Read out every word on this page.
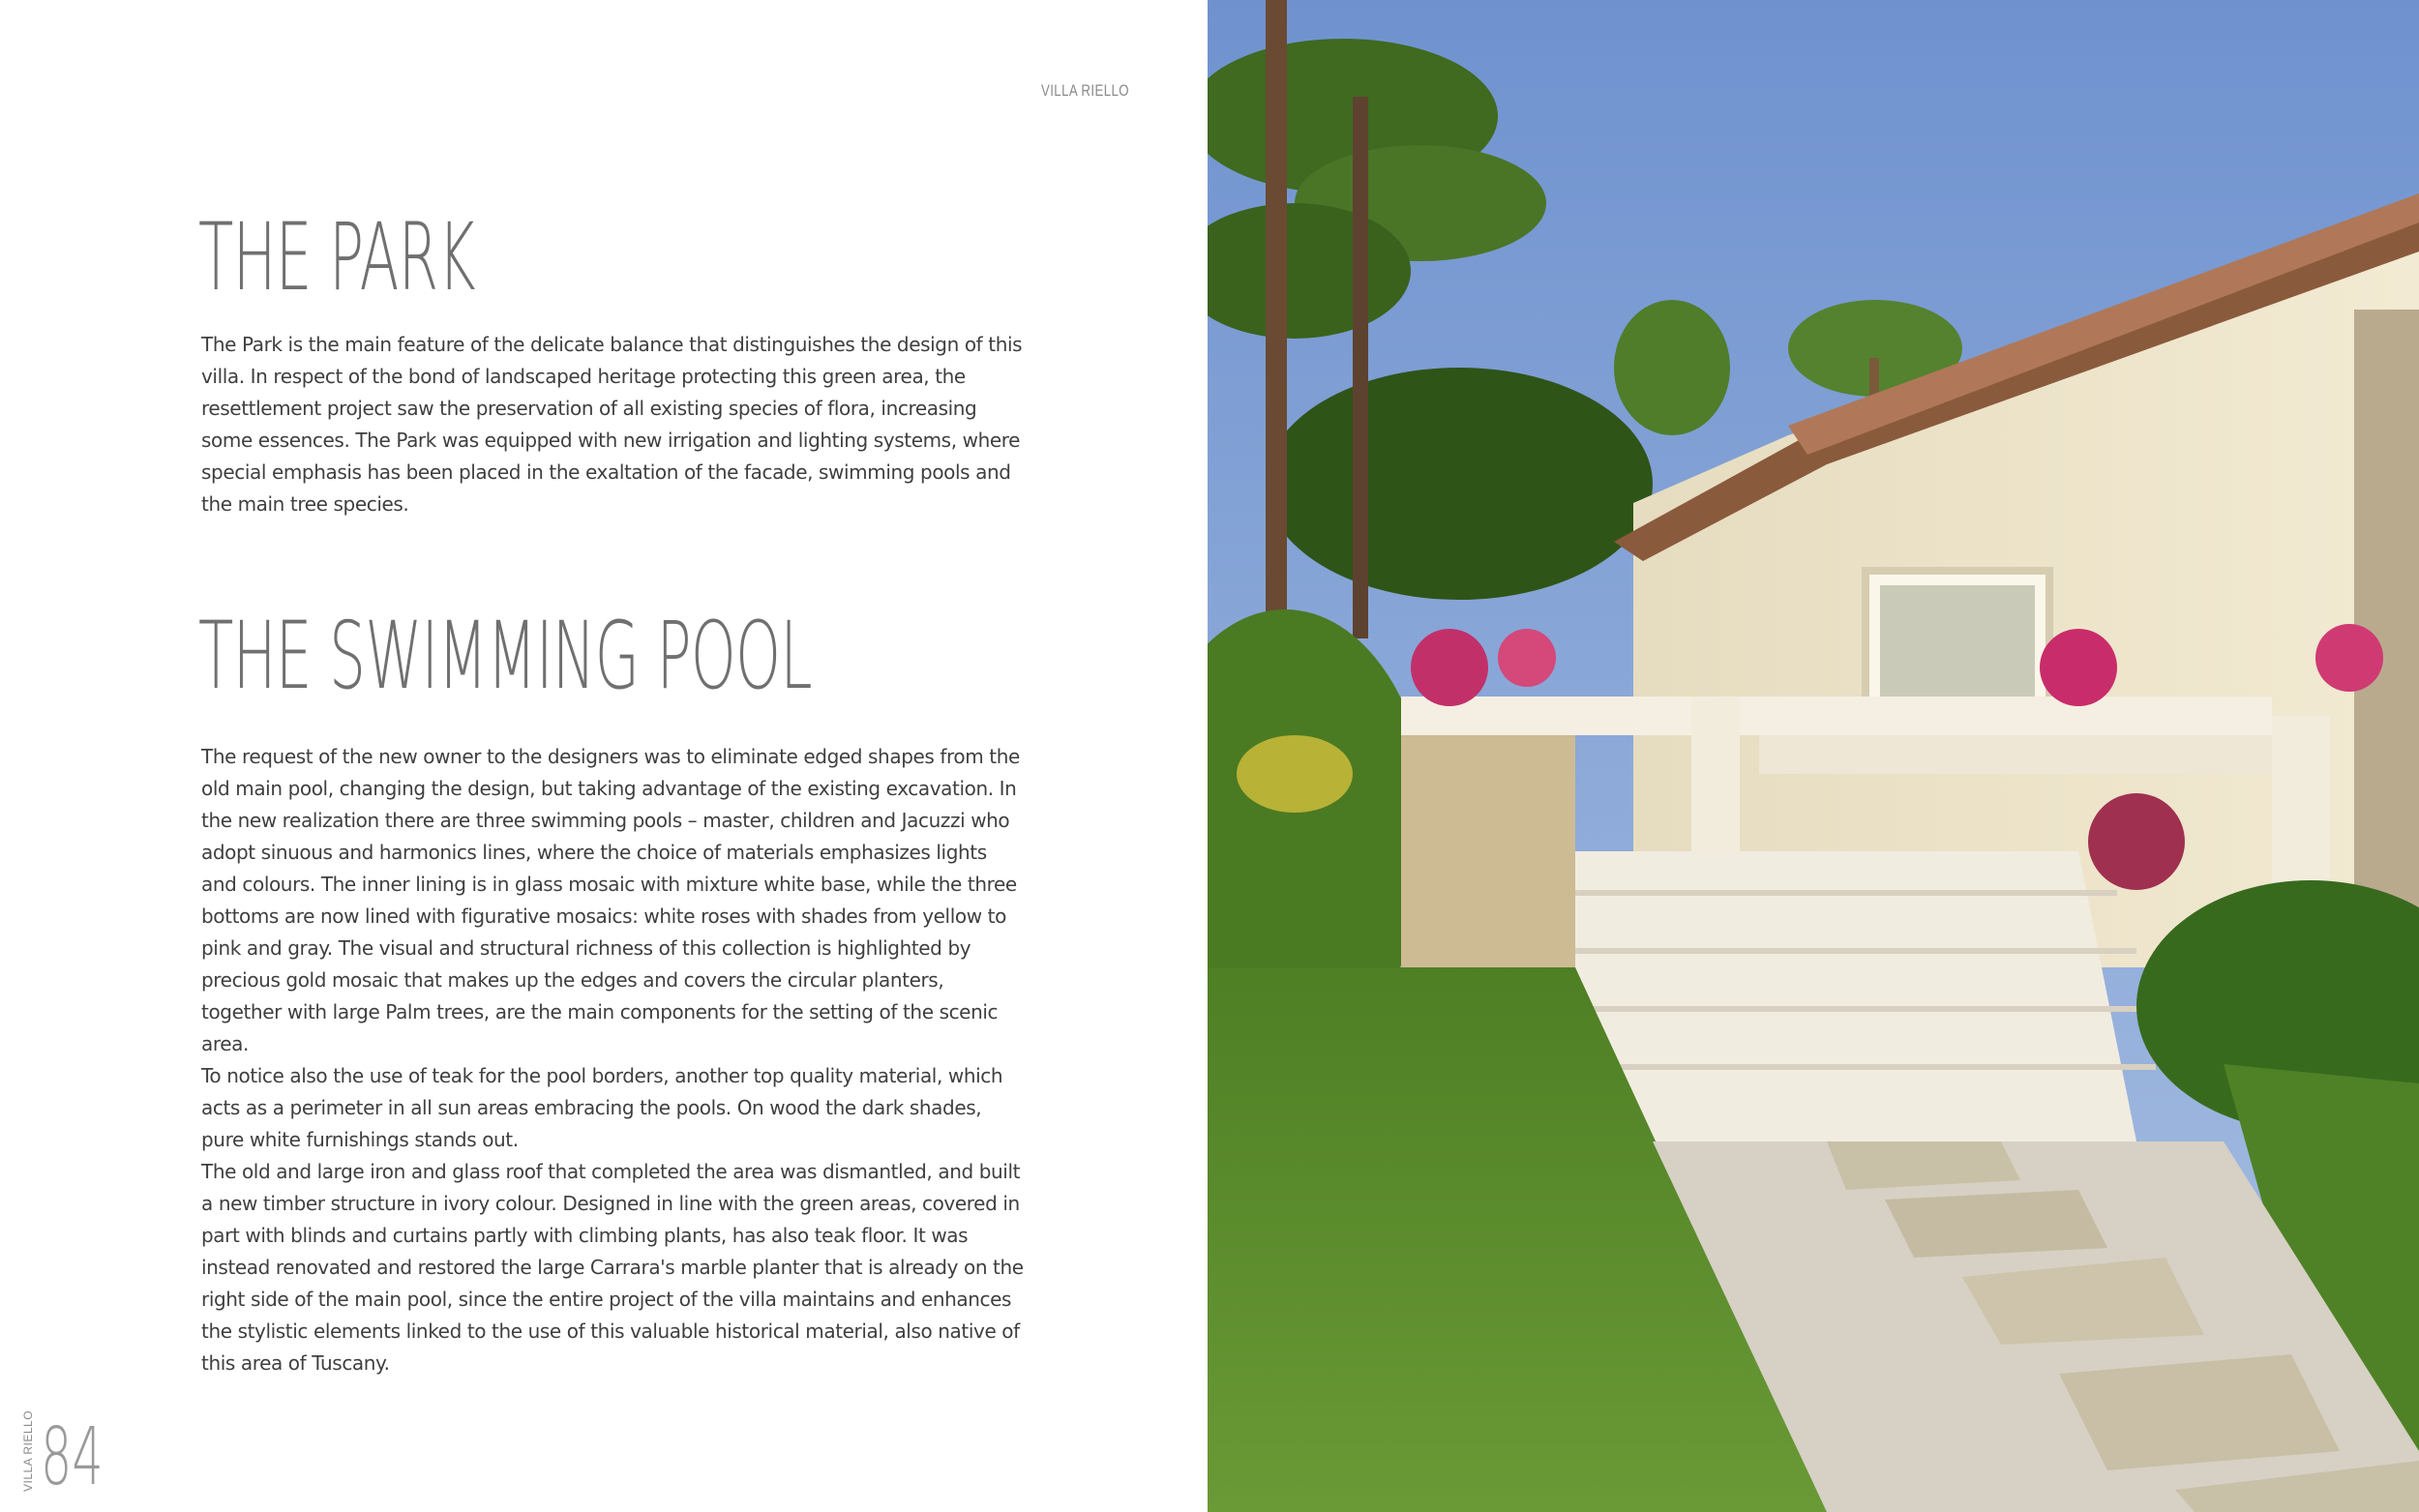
VILLA RIELLO
THE PARK

The Park is the main feature of the delicate balance that distinguishes the design of this villa. In respect of the bond of landscaped heritage protecting this green area, the resettlement project saw the preservation of all existing species of flora, increasing some essences. The Park was equipped with new irrigation and lighting systems, where special emphasis has been placed in the exaltation of the facade, swimming pools and the main tree species.

THE SWIMMING POOL

The request of the new owner to the designers was to eliminate edged shapes from the old main pool, changing the design, but taking advantage of the existing excavation. In the new realization there are three swimming pools – master, children and Jacuzzi who adopt sinuous and harmonics lines, where the choice of materials emphasizes lights and colours. The inner lining is in glass mosaic with mixture white base, while the three bottoms are now lined with figurative mosaics: white roses with shades from yellow to pink and gray. The visual and structural richness of this collection is highlighted by precious gold mosaic that makes up the edges and covers the circular planters, together with large Palm trees, are the main components for the setting of the scenic area.

To notice also the use of teak for the pool borders, another top quality material, which acts as a perimeter in all sun areas embracing the pools. On wood the dark shades, pure white furnishings stands out.

The old and large iron and glass roof that completed the area was dismantled, and built a new timber structure in ivory colour. Designed in line with the green areas, covered in part with blinds and curtains partly with climbing plants, has also teak floor. It was instead renovated and restored the large Carrara's marble planter that is already on the right side of the main pool, since the entire project of the villa maintains and enhances the stylistic elements linked to the use of this valuable historical material, also native of this area of Tuscany.

VILLA RIELLO 84
